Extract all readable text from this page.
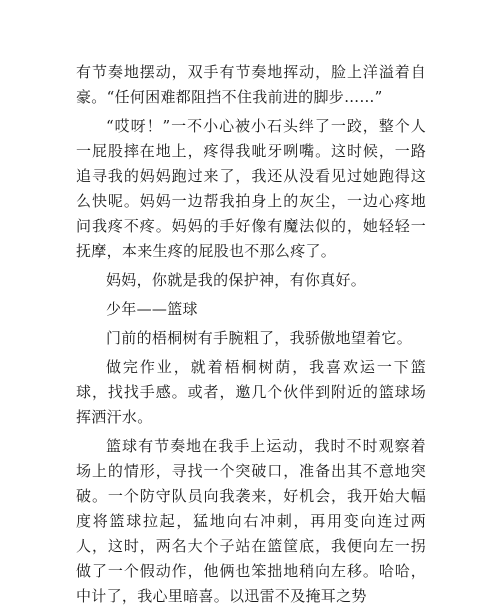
有节奏地摆动，双手有节奏地挥动，脸上洋溢着自豪。“任何困难都阻挡不住我前进的脚步……”

“哎呀！”一不小心被小石头绊了一跤，整个人一屁股摔在地上，疼得我呲牙咧嘴。这时候，一路追寻我的妈妈跑过来了，我还从没看见过她跑得这么快呢。妈妈一边帮我拍身上的灰尘，一边心疼地问我疼不疼。妈妈的手好像有魔法似的，她轻轻一抚摩，本来生疼的屁股也不那么疼了。

妈妈，你就是我的保护神，有你真好。

少年——篮球

门前的梧桐树有手腕粗了，我骄傲地望着它。

做完作业，就着梧桐树荫，我喜欢运一下篮球，找找手感。或者，邀几个伙伴到附近的篮球场挥洒汗水。

篮球有节奏地在我手上运动，我时不时观察着场上的情形，寻找一个突破口，准备出其不意地突破。一个防守队员向我袭来，好机会，我开始大幅度将篮球拉起，猛地向右冲刺，再用变向连过两人，这时，两名大个子站在篮筐底，我便向左一拐做了一个假动作，他俩也笨拙地稍向左移。哈哈，中计了，我心里暗喜。以迅雷不及掩耳之势
